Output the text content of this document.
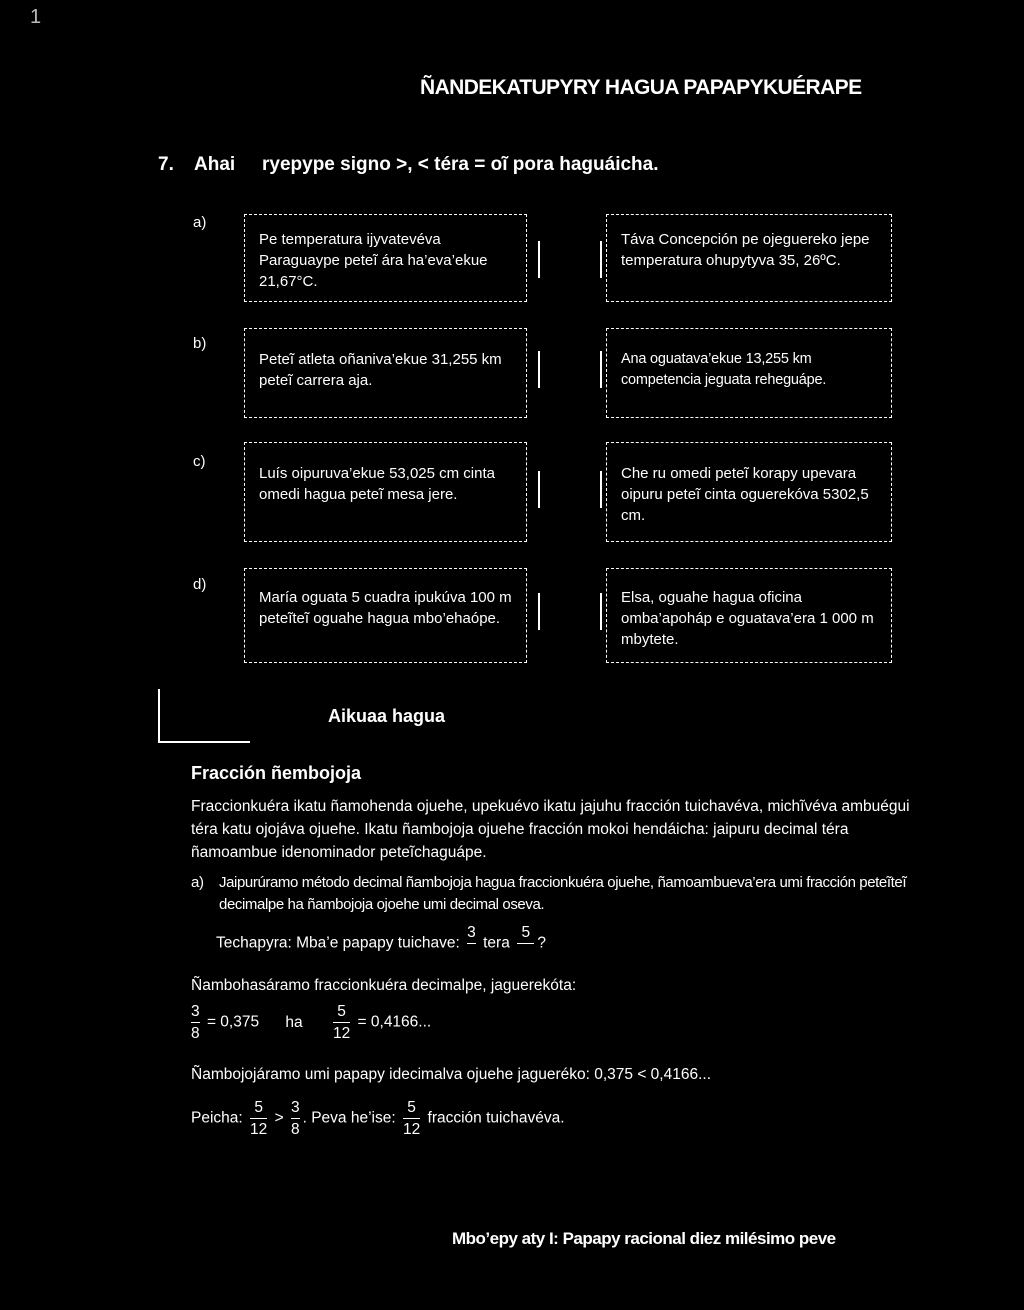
1
ÑANDEKATUPYRY HAGUA PAPAPYKUÉRAPE
7. Ahai ryepype signo >, < téra = oĩ pora haguáicha.
a)
Pe temperatura ijyvatevéva Paraguaype peteĩ ára ha’eva’ekue 21,67°C.
Táva Concepción pe ojeguereko jepe temperatura ohupytyva 35, 26ºC.
b)
Peteĩ atleta oñaniva’ekue 31,255 km peteĩ carrera aja.
Ana oguatava’ekue 13,255 km competencia jeguata reheguápe.
c)
Luís oipuruva’ekue 53,025 cm cinta omedi hagua peteĩ mesa jere.
Che ru omedi peteĩ korapy upevara oipuru peteĩ cinta oguerekóva 5302,5 cm.
d)
María oguata 5 cuadra ipukúva 100 m peteĩteĩ oguahe hagua mbo’ehaópe.
Elsa, oguahe hagua oficina omba’apoháp e oguatava’era 1 000 m mbytete.
Aikuaa hagua
Fracción ñembojoja
Fraccionkuéra ikatu ñamohenda ojuehe, upekuévo ikatu jajuhu fracción tuichavéva, michĩvéva ambuégui téra katu ojojáva ojuehe. Ikatu ñambojoja ojuehe fracción mokoi hendáicha: jaipuru decimal téra ñamoambue idenominador peteĩchaguápe.
a)	Jaipurúramo método decimal ñambojoja hagua fraccionkuéra ojuehe, ñamoambueva’era umi fracción peteĩteĩ decimalpe ha ñambojoja ojoehe umi decimal oseva.
Techapyra: Mba’e papapy tuichave:
3
tera
5
?
Ñambohasáramo fraccionkuéra decimalpe, jaguerekóta:
$\frac{3}{8} = 0,375$ ha $\frac{5}{12} = 0,4166$...
Ñambojojáramo umi papapy idecimalva ojuehe jagueréko: 0,375 < 0,4166...
Peicha: $\frac{5}{12} > \frac{3}{8}$ . Peva he’ise: $\frac{5}{12}$ fracción tuichavéva.
Mbo’epy aty I: Papapy racional diez milésimo peve
